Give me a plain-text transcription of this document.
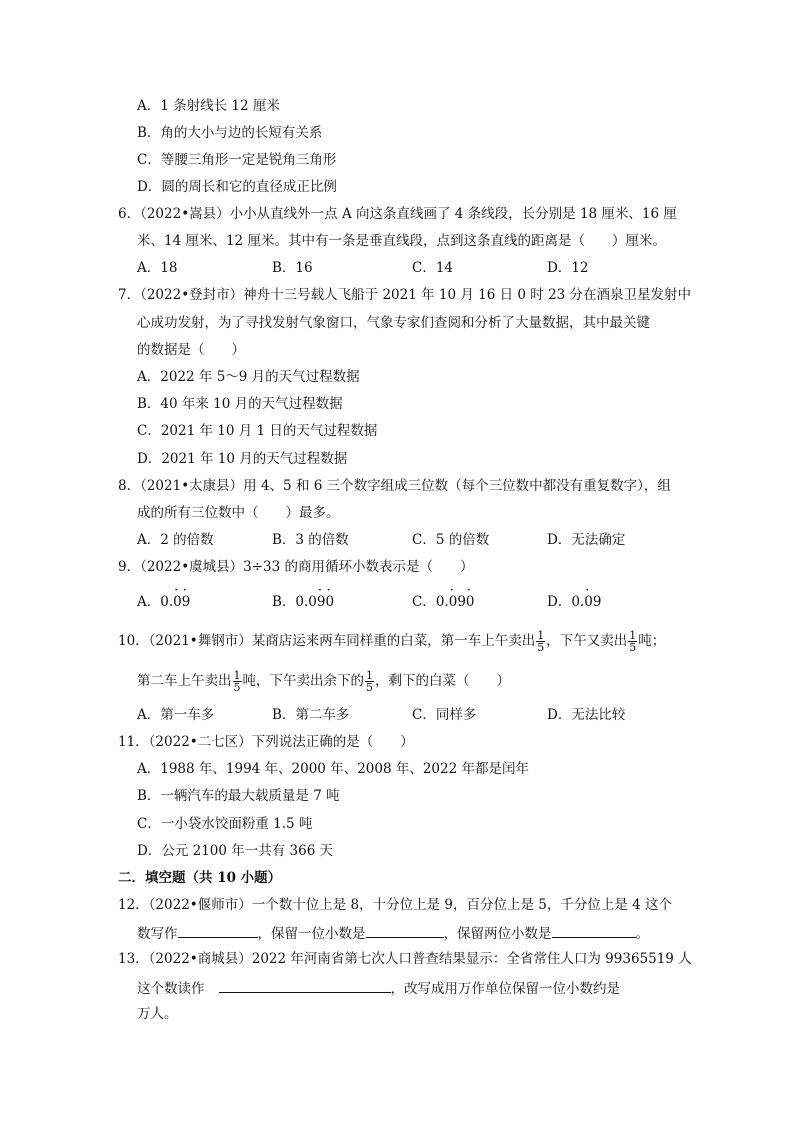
A．1 条射线长 12 厘米
B．角的大小与边的长短有关系
C．等腰三角形一定是锐角三角形
D．圆的周长和它的直径成正比例
6．（2022•嵩县）小小从直线外一点 A 向这条直线画了 4 条线段，长分别是 18 厘米、16 厘
米、14 厘米、12 厘米。其中有一条是垂直线段，点到这条直线的距离是（　　）厘米。
A．18	B．16	C．14	D．12
7．（2022•登封市）神舟十三号载人飞船于 2021 年 10 月 16 日 0 时 23 分在酒泉卫星发射中
心成功发射，为了寻找发射气象窗口，气象专家们查阅和分析了大量数据，其中最关键
的数据是（　　）
A．2022 年 5～9 月的天气过程数据
B．40 年来 10 月的天气过程数据
C．2021 年 10 月 1 日的天气过程数据
D．2021 年 10 月的天气过程数据
8．（2021•太康县）用 4、5 和 6 三个数字组成三位数（每个三位数中都没有重复数字），组
成的所有三位数中（　　）最多。
A．2 的倍数	B．3 的倍数	C．5 的倍数	D．无法确定
9．（2022•虞城县）3÷33 的商用循环小数表示是（　　）
A．0.· 0· 9	B．0.0· 9· 0	C．0.· 09· 0	D．0.· 09
10．（2021•舞钢市）某商店运来两车同样重的白菜，第一车上午卖出 $\frac{1}{5}$ ，下午又卖出 $\frac{1}{5}$ 吨；
第二车上午卖出 $\frac{1}{5}$ 吨，下午卖出余下的 $\frac{1}{5}$ ，剩下的白菜（　　）
A．第一车多	B．第二车多	C．同样多	D．无法比较
11．（2022•二七区）下列说法正确的是（　　）
A．1988 年、1994 年、2000 年、2008 年、2022 年都是闰年
B．一辆汽车的最大载质量是 7 吨
C．一小袋水饺面粉重 1.5 吨
D．公元 2100 年一共有 366 天
二．填空题（共 10 小题）
12．（2022•偃师市）一个数十位上是 8，十分位上是 9，百分位上是 5，千分位上是 4 这个
数写作	，保留一位小数是	，保留两位小数是	。
13．（2022•商城县）2022 年河南省第七次人口普查结果显示：全省常住人口为 99365519 人
这个数读作	，改写成用万作单位保留一位小数约是
万人。
